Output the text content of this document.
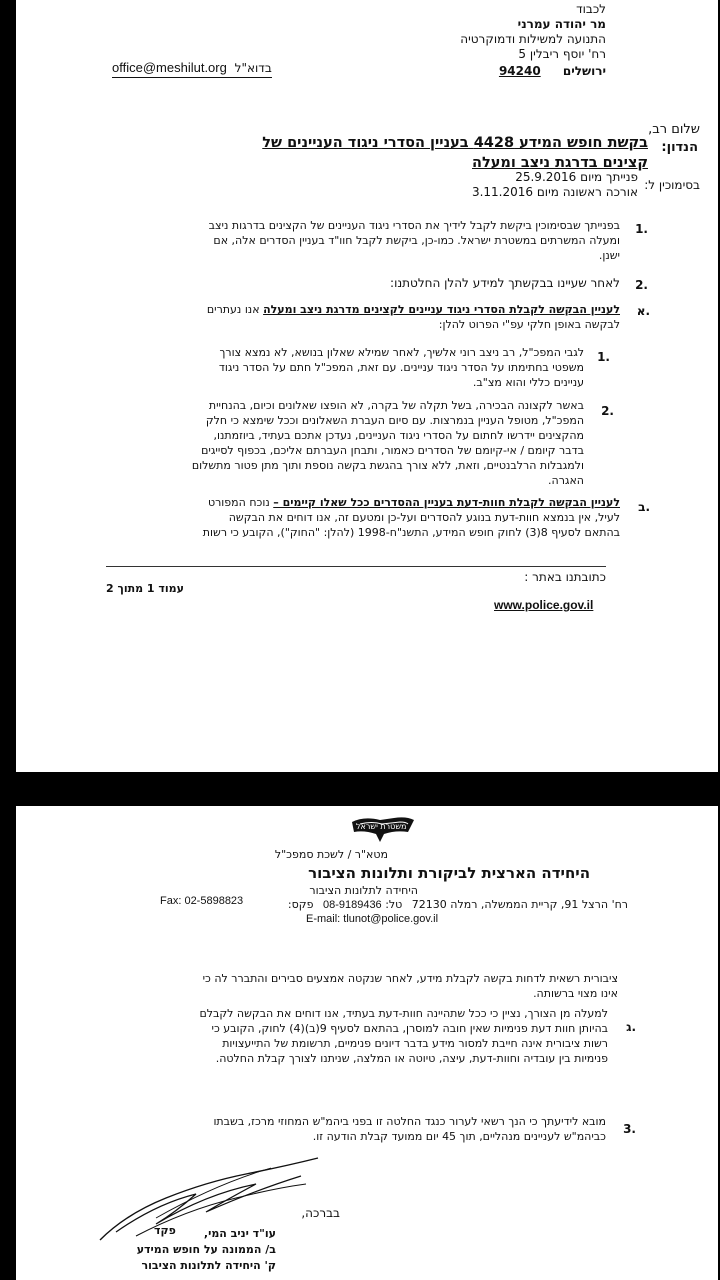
לכבוד
מר יהודה עמרני
התנועה למשילות ודמוקרטיה
רח' יוסף ריבלין 5
ירושלים 94240
office@meshilut.org בדוא"ל
שלום רב,
הנדון:
בקשת חופש המידע 4428 בעניין הסדרי ניגוד העניינים של
קצינים בדרגת ניצב ומעלה
בסימוכין ל:
פנייתך מיום 25.9.2016
אורכה ראשונה מיום 3.11.2016
1.
בפנייתך שבסימוכין ביקשת לקבל לידיך את הסדרי ניגוד העניינים של הקצינים בדרגות ניצב
ומעלה המשרתים במשטרת ישראל. כמו-כן, ביקשת לקבל חוו"ד בעניין הסדרים אלה, אם
ישנן.
2.
לאחר שעיינו בבקשתך למידע להלן החלטתנו:
א.
לעניין הבקשה לקבלת הסדרי ניגוד עניינים לקצינים מדרגת ניצב ומעלה אנו נעתרים
לבקשה באופן חלקי עפ"י הפרוט להלן:
1.
לגבי המפכ"ל, רב ניצב רוני אלשיך, לאחר שמילא שאלון בנושא, לא נמצא צורך
משפטי בחתימתו על הסדר ניגוד עניינים. עם זאת, המפכ"ל חתם על הסדר ניגוד
עניינים כללי והוא מצ"ב.
2.
באשר לקצונה הבכירה, בשל תקלה של בקרה, לא הופצו שאלונים וכיום, בהנחיית
המפכ"ל, מטופל העניין בנמרצות. עם סיום העברת השאלונים וככל שימצא כי חלק
מהקצינים יידרשו לחתום על הסדרי ניגוד העניינים, נעדכן אתכם בעתיד, ביוזמתנו,
בדבר קיומם / אי-קיומם של הסדרים כאמור, ותבחן העברתם אליכם, בכפוף לסייגים
ולמגבלות הרלבנטיים, וזאת, ללא צורך בהגשת בקשה נוספת ותוך מתן פטור מתשלום
האגרה.
ב.
לעניין הבקשה לקבלת חוות-דעת בעניין ההסדרים ככל שאלו קיימים – נוכח המפורט
לעיל, אין בנמצא חוות-דעת בנוגע להסדרים ועל-כן ומטעם זה, אנו דוחים את הבקשה
בהתאם לסעיף 8(3) לחוק חופש המידע, התשנ"ח-1998 (להלן: "החוק"), הקובע כי רשות
כתובתנו באתר :
עמוד 1 מתוך 2
www.police.gov.il
משטרת ישראל
מטא"ר / לשכת סמפכ"ל
היחידה הארצית לביקורת ותלונות הציבור
היחידה לתלונות הציבור
רח' הרצל 91, קריית הממשלה, רמלה 72130 טל: 08-9189436 פקס:
Fax: 02-5898823
E-mail: tlunot@police.gov.il
ציבורית רשאית לדחות בקשה לקבלת מידע, לאחר שנקטה אמצעים סבירים והתברר לה כי
אינו מצוי ברשותה.
ג.
למעלה מן הצורך, נציין כי ככל שתהיינה חוות-דעת בעתיד, אנו דוחים את הבקשה לקבלם
בהיותן חוות דעת פנימיות שאין חובה למוסרן, בהתאם לסעיף 9(ב)(4) לחוק, הקובע כי
רשות ציבורית אינה חייבת למסור מידע בדבר דיונים פנימיים, תרשומת של התייעצויות
פנימיות בין עובדיה וחוות-דעת, עיצה, טיוטה או המלצה, שניתנו לצורך קבלת החלטה.
3.
מובא לידיעתך כי הנך רשאי לערור כנגד החלטה זו בפני ביהמ"ש המחוזי מרכז, בשבתו
כביהמ"ש לעניינים מנהליים, תוך 45 יום ממועד קבלת הודעה זו.
בברכה,
עו"ד יניב המי,
ב/ הממונה על חופש המידע
ק' היחידה לתלונות הציבור
פקד
